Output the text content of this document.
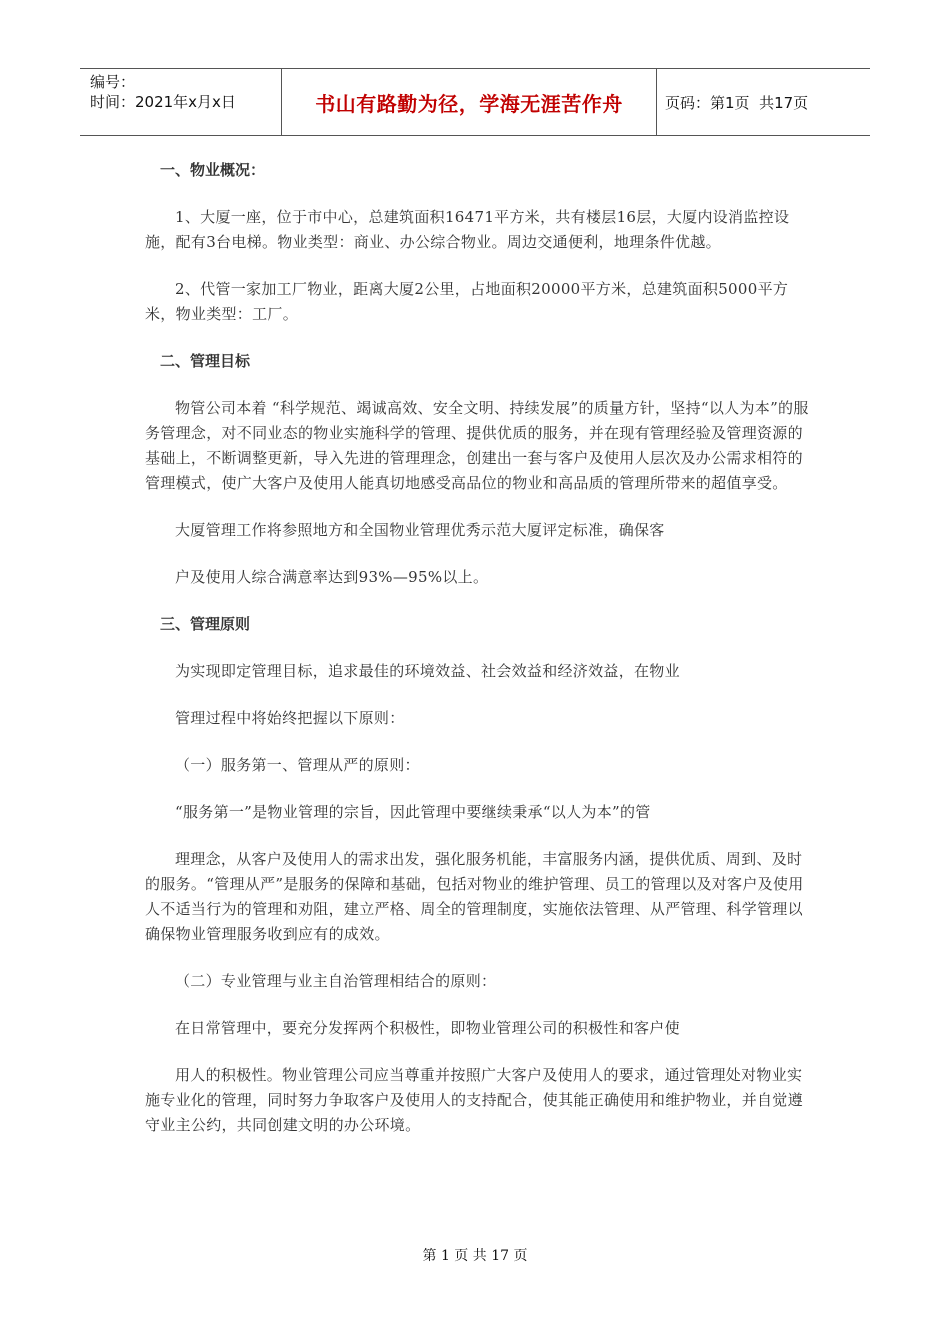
编号：
时间：2021年x月x日	书山有路勤为径，学海无涯苦作舟	页码：第1页  共17页

一、物业概况：

1、大厦一座，位于市中心，总建筑面积16471平方米，共有楼层16层，大厦内设消监控设施，配有3台电梯。物业类型：商业、办公综合物业。周边交通便利，地理条件优越。

2、代管一家加工厂物业，距离大厦2公里，占地面积20000平方米，总建筑面积5000平方米，物业类型：工厂。

二、管理目标

物管公司本着 “科学规范、竭诚高效、安全文明、持续发展”的质量方针，坚持“以人为本”的服务管理念，对不同业态的物业实施科学的管理、提供优质的服务，并在现有管理经验及管理资源的基础上，不断调整更新，导入先进的管理理念，创建出一套与客户及使用人层次及办公需求相符的管理模式，使广大客户及使用人能真切地感受高品位的物业和高品质的管理所带来的超值享受。

大厦管理工作将参照地方和全国物业管理优秀示范大厦评定标准，确保客

户及使用人综合满意率达到93%—95%以上。

三、管理原则

为实现即定管理目标，追求最佳的环境效益、社会效益和经济效益，在物业

管理过程中将始终把握以下原则：

（一）服务第一、管理从严的原则：

“服务第一”是物业管理的宗旨，因此管理中要继续秉承“以人为本”的管

理理念，从客户及使用人的需求出发，强化服务机能，丰富服务内涵，提供优质、周到、及时的服务。“管理从严”是服务的保障和基础，包括对物业的维护管理、员工的管理以及对客户及使用人不适当行为的管理和劝阻，建立严格、周全的管理制度，实施依法管理、从严管理、科学管理以确保物业管理服务收到应有的成效。

（二）专业管理与业主自治管理相结合的原则：

在日常管理中，要充分发挥两个积极性，即物业管理公司的积极性和客户使

用人的积极性。物业管理公司应当尊重并按照广大客户及使用人的要求，通过管理处对物业实施专业化的管理，同时努力争取客户及使用人的支持配合，使其能正确使用和维护物业，并自觉遵守业主公约，共同创建文明的办公环境。

第 1 页 共 17 页
